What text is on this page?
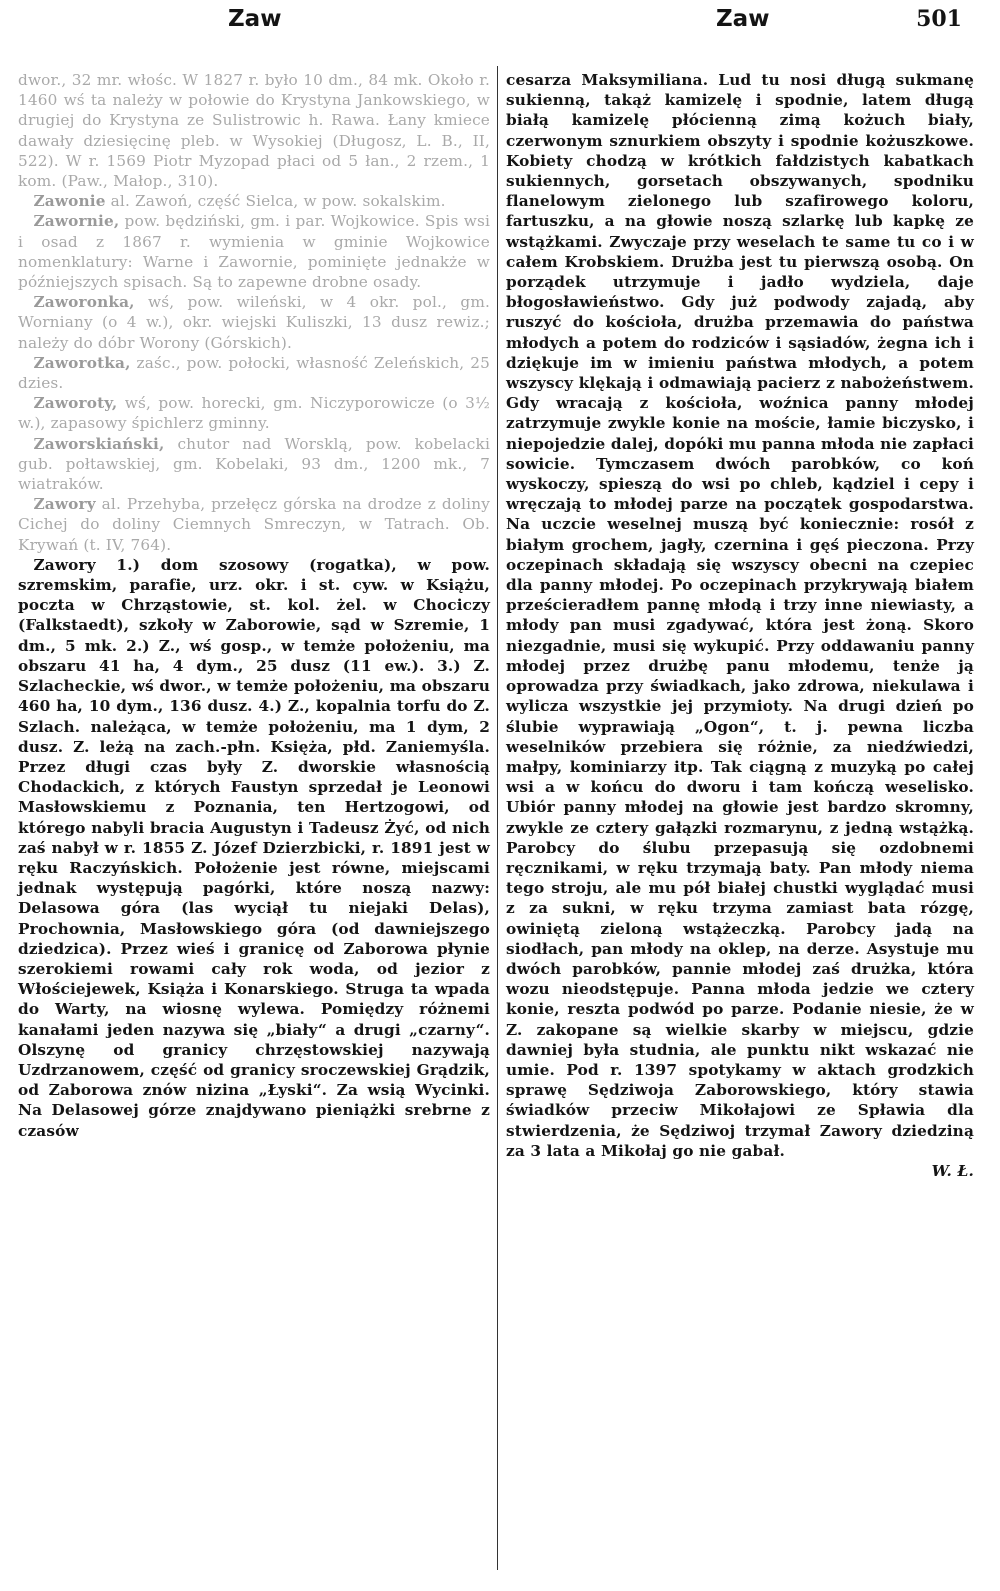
Zaw	Zaw	501

dwor., 32 mr. włośc. W 1827 r. było 10 dm., 84 mk. Około r. 1460 wś ta należy w połowie do Krystyna Jankowskiego, w drugiej do Krystyna ze Sulistrowic h. Rawa. Łany kmiece dawały dziesięcinę pleb. w Wysokiej (Długosz, L. B., II, 522). W r. 1569 Piotr Myzopad płaci od 5 łan., 2 rzem., 1 kom. (Paw., Małop., 310).

 Zawonie al. Zawoń, część Sielca, w pow. sokalskim.

 Zawornie, pow. będziński, gm. i par. Wojkowice. Spis wsi i osad z 1867 r. wymienia w gminie Wojkowice nomenklatury: Warne i Zawornie, pominięte jednakże w późniejszych spisach. Są to zapewne drobne osady.

 Zaworonka, wś, pow. wileński, w 4 okr. pol., gm. Worniany (o 4 w.), okr. wiejski Kuliszki, 13 dusz rewiz.; należy do dóbr Worony (Górskich).

 Zaworotka, zaśc., pow. połocki, własność Zeleńskich, 25 dzies.

 Zaworoty, wś, pow. horecki, gm. Niczyporowicze (o 3½ w.), zapasowy śpichlerz gminny.

 Zaworskiański, chutor nad Worsklą, pow. kobelacki gub. połtawskiej, gm. Kobelaki, 93 dm., 1200 mk., 7 wiatraków.

 Zawory al. Przehyba, przełęcz górska na drodze z doliny Cichej do doliny Ciemnych Smreczyn, w Tatrach. Ob. Krywań (t. IV, 764).

 Zawory 1.) dom szosowy (rogatka), w pow. szremskim, parafie, urz. okr. i st. cyw. w Książu, poczta w Chrząstowie, st. kol. żel. w Chociczy (Falkstaedt), szkoły w Zaborowie, sąd w Szremie, 1 dm., 5 mk. 2.) Z., wś gosp., w temże położeniu, ma obszaru 41 ha, 4 dym., 25 dusz (11 ew.). 3.) Z. Szlacheckie, wś dwor., w temże położeniu, ma obszaru 460 ha, 10 dym., 136 dusz. 4.) Z., kopalnia torfu do Z. Szlach. należąca, w temże położeniu, ma 1 dym, 2 dusz. Z. leżą na zach.-płn. Księża, płd. Zaniemyśla. Przez długi czas były Z. dworskie własnością Chodackich, z których Faustyn sprzedał je Leonowi Masłowskiemu z Poznania, ten Hertzogowi, od którego nabyli bracia Augustyn i Tadeusz Żyć, od nich zaś nabył w r. 1855 Z. Józef Dzierzbicki, r. 1891 jest w ręku Raczyńskich. Położenie jest równe, miejscami jednak występują pagórki, które noszą nazwy: Delasowa góra (las wyciął tu niejaki Delas), Prochownia, Masłowskiego góra (od dawniejszego dziedzica). Przez wieś i granicę od Zaborowa płynie szerokiemi rowami cały rok woda, od jezior z Włościejewek, Książa i Konarskiego. Struga ta wpada do Warty, na wiosnę wylewa. Pomiędzy różnemi kanałami jeden nazywa się „biały“ a drugi „czarny“. Olszynę od granicy chrzęstowskiej nazywają Uzdrzanowem, część od granicy sroczewskiej Grądzik, od Zaborowa znów nizina „Łyski“. Za wsią Wycinki. Na Delasowej górze znajdywano pieniążki srebrne z czasów

cesarza Maksymiliana. Lud tu nosi długą sukmanę sukienną, takąż kamizelę i spodnie, latem długą białą kamizelę płócienną zimą kożuch biały, czerwonym sznurkiem obszyty i spodnie kożuszkowe. Kobiety chodzą w krótkich fałdzistych kabatkach sukiennych, gorsetach obszywanych, spodniku flanelowym zielonego lub szafirowego koloru, fartuszku, a na głowie noszą szlarkę lub kapkę ze wstążkami. Zwyczaje przy weselach te same tu co i w całem Krobskiem. Drużba jest tu pierwszą osobą. On porządek utrzymuje i jadło wydziela, daje błogosławieństwo. Gdy już podwody zajadą, aby ruszyć do kościoła, drużba przemawia do państwa młodych a potem do rodziców i sąsiadów, żegna ich i dziękuje im w imieniu państwa młodych, a potem wszyscy klękają i odmawiają pacierz z nabożeństwem. Gdy wracają z kościoła, woźnica panny młodej zatrzymuje zwykle konie na moście, łamie biczysko, i niepojedzie dalej, dopóki mu panna młoda nie zapłaci sowicie. Tymczasem dwóch parobków, co koń wyskoczy, spieszą do wsi po chleb, kądziel i cepy i wręczają to młodej parze na początek gospodarstwa. Na uczcie weselnej muszą być koniecznie: rosół z białym grochem, jagły, czernina i gęś pieczona. Przy oczepinach składają się wszyscy obecni na czepiec dla panny młodej. Po oczepinach przykrywają białem prześcieradłem pannę młodą i trzy inne niewiasty, a młody pan musi zgadywać, która jest żoną. Skoro niezgadnie, musi się wykupić. Przy oddawaniu panny młodej przez drużbę panu młodemu, tenże ją oprowadza przy świadkach, jako zdrowa, niekulawa i wylicza wszystkie jej przymioty. Na drugi dzień po ślubie wyprawiają „Ogon“, t. j. pewna liczba weselników przebiera się różnie, za niedźwiedzi, małpy, kominiarzy itp. Tak ciągną z muzyką po całej wsi a w końcu do dworu i tam kończą weselisko. Ubiór panny młodej na głowie jest bardzo skromny, zwykle ze cztery gałązki rozmarynu, z jedną wstążką. Parobcy do ślubu przepasują się ozdobnemi ręcznikami, w ręku trzymają baty. Pan młody niema tego stroju, ale mu pół białej chustki wyglądać musi z za sukni, w ręku trzyma zamiast bata rózgę, owiniętą zieloną wstążeczką. Parobcy jadą na siodłach, pan młody na oklep, na derze. Asystuje mu dwóch parobków, pannie młodej zaś drużka, która wozu nieodstępuje. Panna młoda jedzie we cztery konie, reszta podwód po parze. Podanie niesie, że w Z. zakopane są wielkie skarby w miejscu, gdzie dawniej była studnia, ale punktu nikt wskazać nie umie. Pod r. 1397 spotykamy w aktach grodzkich sprawę Sędziwoja Zaborowskiego, który stawia świadków przeciw Mikołajowi ze Spławia dla stwierdzenia, że Sędziwoj trzymał Zawory dziedziną za 3 lata a Mikołaj go nie gabał.

W. Ł.
